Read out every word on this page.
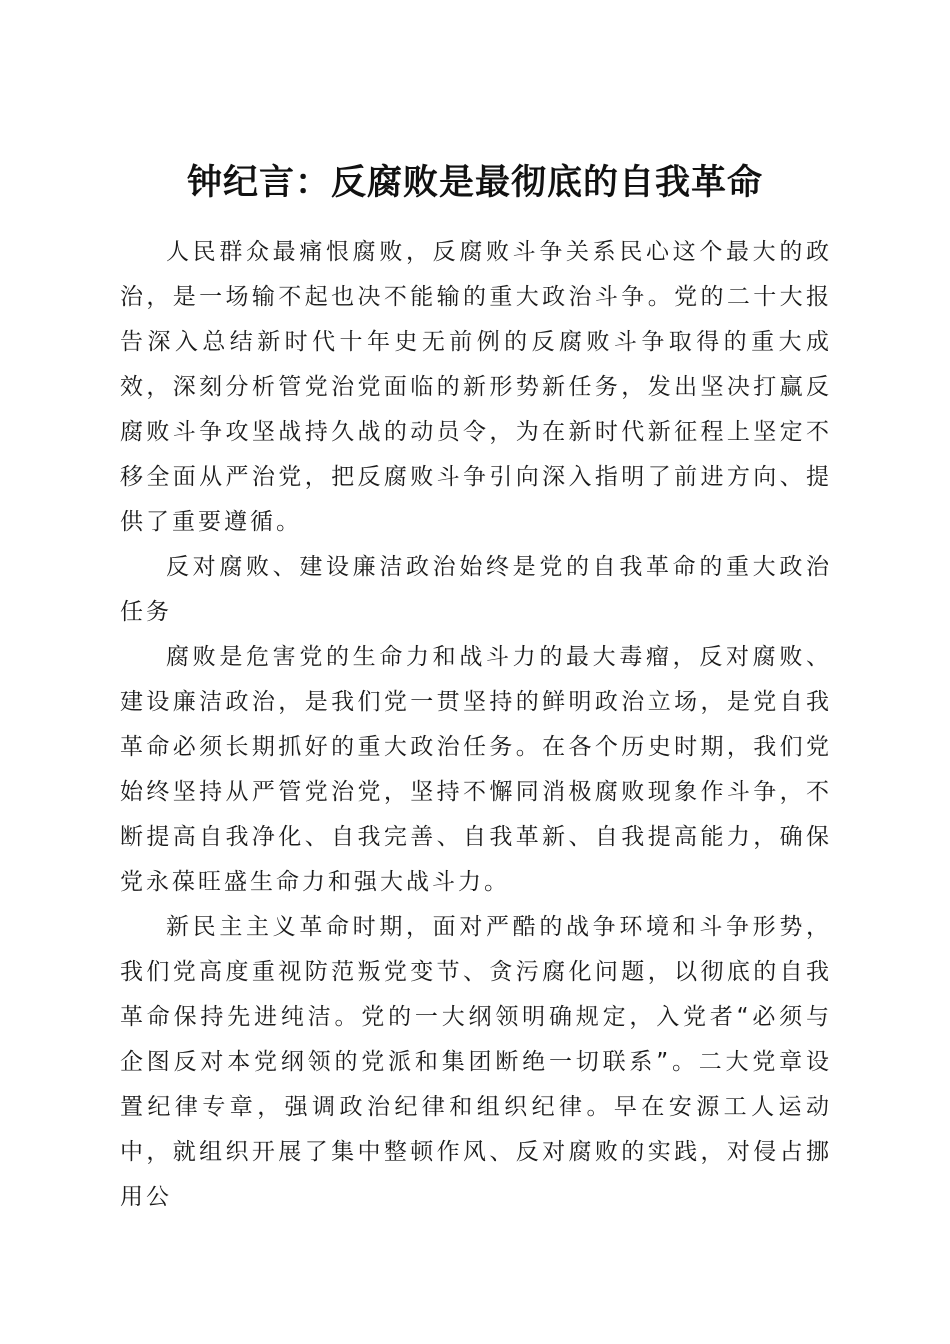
钟纪言：反腐败是最彻底的自我革命

人民群众最痛恨腐败，反腐败斗争关系民心这个最大的政治，是一场输不起也决不能输的重大政治斗争。党的二十大报告深入总结新时代十年史无前例的反腐败斗争取得的重大成效，深刻分析管党治党面临的新形势新任务，发出坚决打赢反腐败斗争攻坚战持久战的动员令，为在新时代新征程上坚定不移全面从严治党，把反腐败斗争引向深入指明了前进方向、提供了重要遵循。

反对腐败、建设廉洁政治始终是党的自我革命的重大政治任务

腐败是危害党的生命力和战斗力的最大毒瘤，反对腐败、建设廉洁政治，是我们党一贯坚持的鲜明政治立场，是党自我革命必须长期抓好的重大政治任务。在各个历史时期，我们党始终坚持从严管党治党，坚持不懈同消极腐败现象作斗争，不断提高自我净化、自我完善、自我革新、自我提高能力，确保党永葆旺盛生命力和强大战斗力。

新民主主义革命时期，面对严酷的战争环境和斗争形势，我们党高度重视防范叛党变节、贪污腐化问题，以彻底的自我革命保持先进纯洁。党的一大纲领明确规定，入党者“必须与企图反对本党纲领的党派和集团断绝一切联系”。二大党章设置纪律专章，强调政治纪律和组织纪律。早在安源工人运动中，就组织开展了集中整顿作风、反对腐败的实践，对侵占挪用公
